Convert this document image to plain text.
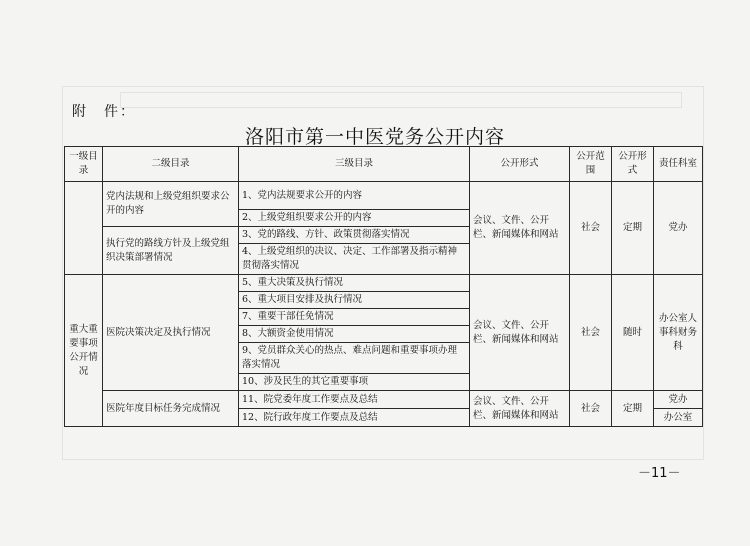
附　件：
洛阳市第一中医党务公开内容
一级目录	二级目录	三级目录	公开形式	公开范围	公开形式	责任科室
	党内法规和上级党组织要求公开的内容	1、党内法规要求公开的内容	会议、文件、公开栏、新闻媒体和网站	社会	定期	党办
		2、上级党组织要求公开的内容				
	执行党的路线方针及上级党组织决策部署情况	3、党的路线、方针、政策贯彻落实情况				
		4、上级党组织的决议、决定、工作部署及指示精神贯彻落实情况				
重大重要事项公开情况	医院决策决定及执行情况	5、重大决策及执行情况	会议、文件、公开栏、新闻媒体和网站	社会	随时	办公室人事科财务科
		6、重大项目安排及执行情况				
		7、重要干部任免情况				
		8、大额资金使用情况				
		9、党员群众关心的热点、难点问题和重要事项办理落实情况				
		10、涉及民生的其它重要事项				
	医院年度目标任务完成情况	11、院党委年度工作要点及总结	会议、文件、公开栏、新闻媒体和网站	社会	定期	党办
		12、院行政年度工作要点及总结				办公室
－11－
